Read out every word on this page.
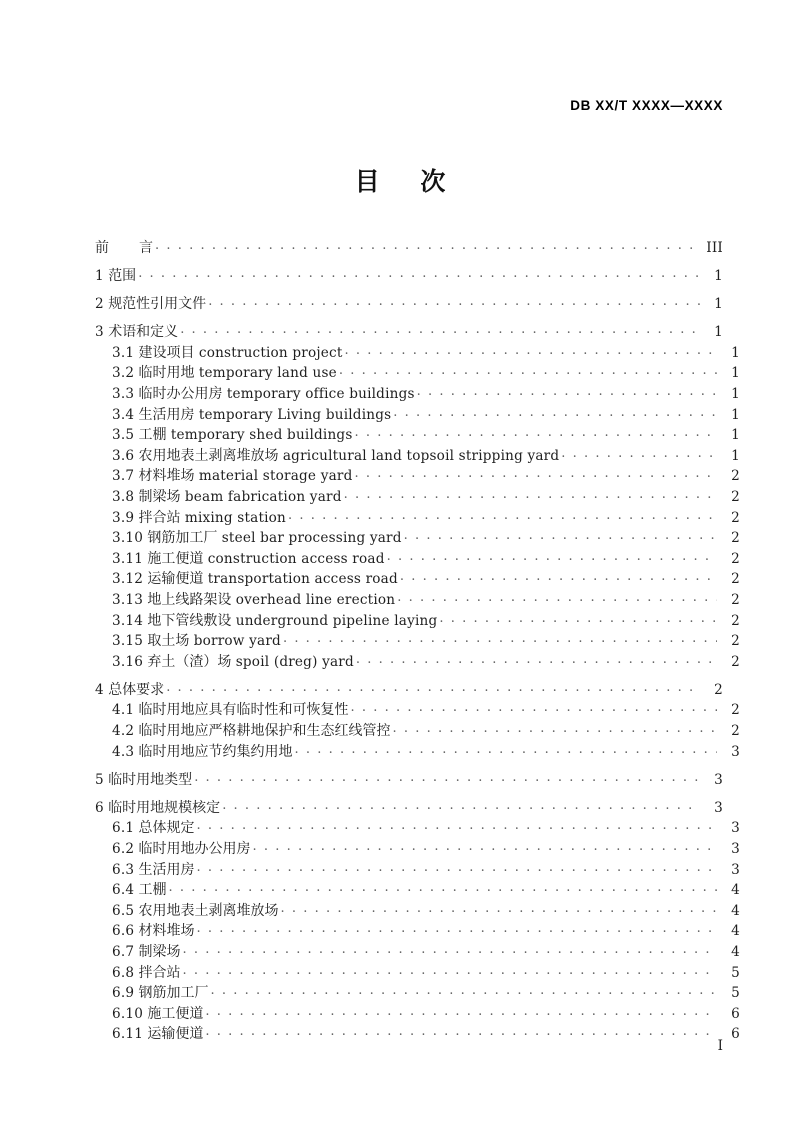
DB XX/T XXXX—XXXX
目 次
前 言 . . .	III
1 范围 . . .	1
2 规范性引用文件 . . .	1
3 术语和定义 . . .	1
3.1 建设项目 construction project . . .	1
3.2 临时用地 temporary land use . . .	1
3.3 临时办公用房 temporary office buildings . . .	1
3.4 生活用房 temporary Living buildings . . .	1
3.5 工棚 temporary shed buildings . . .	1
3.6 农用地表土剥离堆放场 agricultural land topsoil stripping yard . . .	1
3.7 材料堆场 material storage yard . . .	2
3.8 制梁场 beam fabrication yard . . .	2
3.9 拌合站 mixing station . . .	2
3.10 钢筋加工厂 steel bar processing yard . . .	2
3.11 施工便道 construction access road . . .	2
3.12 运输便道 transportation access road . . .	2
3.13 地上线路架设 overhead line erection . . .	2
3.14 地下管线敷设 underground pipeline laying . . .	2
3.15 取土场 borrow yard . . .	2
3.16 弃土（渣）场 spoil (dreg) yard . . .	2
4 总体要求 . . .	2
4.1 临时用地应具有临时性和可恢复性 . . .	2
4.2 临时用地应严格耕地保护和生态红线管控 . . .	2
4.3 临时用地应节约集约用地 . . .	3
5 临时用地类型 . . .	3
6 临时用地规模核定 . . .	3
6.1 总体规定 . . .	3
6.2 临时用地办公用房 . . .	3
6.3 生活用房 . . .	3
6.4 工棚 . . .	4
6.5 农用地表土剥离堆放场 . . .	4
6.6 材料堆场 . . .	4
6.7 制梁场 . . .	4
6.8 拌合站 . . .	5
6.9 钢筋加工厂 . . .	5
6.10 施工便道 . . .	6
6.11 运输便道 . . .	6
I
